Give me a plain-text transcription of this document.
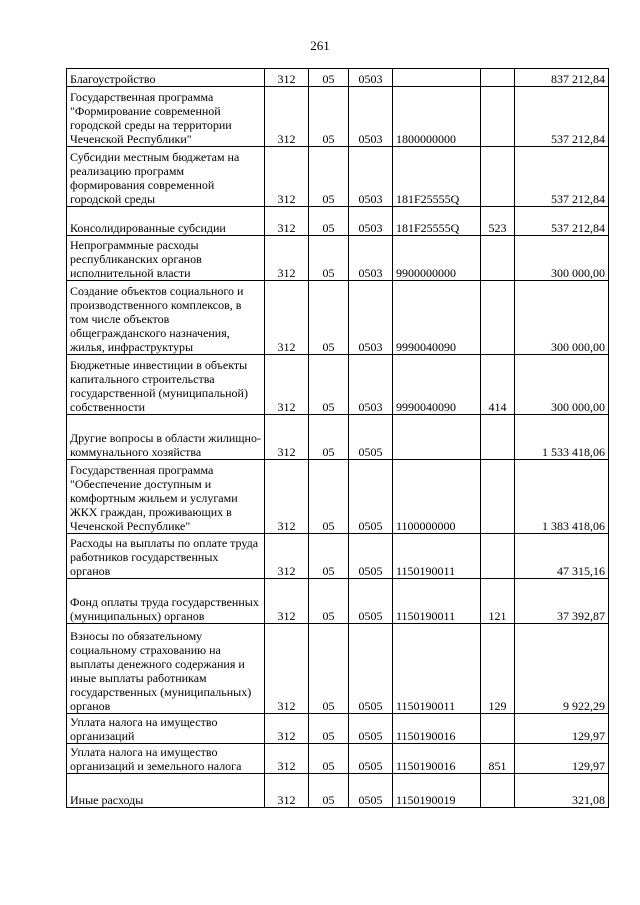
261
Благоустройство	312	05	0503			837 212,84
Государственная программа "Формирование современной городской среды на территории Чеченской Республики"	312	05	0503	1800000000		537 212,84
Субсидии местным бюджетам на реализацию программ формирования современной городской среды	312	05	0503	181F25555Q		537 212,84
Консолидированные субсидии	312	05	0503	181F25555Q	523	537 212,84
Непрограммные расходы республиканских органов исполнительной власти	312	05	0503	9900000000		300 000,00
Создание объектов социального и производственного комплексов, в том числе объектов общегражданского назначения, жилья, инфраструктуры	312	05	0503	9990040090		300 000,00
Бюджетные инвестиции в объекты капитального строительства государственной (муниципальной) собственности	312	05	0503	9990040090	414	300 000,00
Другие вопросы в области жилищно-коммунального хозяйства	312	05	0505			1 533 418,06
Государственная программа "Обеспечение доступным и комфортным жильем и услугами ЖКХ граждан, проживающих в Чеченской Республике"	312	05	0505	1100000000		1 383 418,06
Расходы на выплаты по оплате труда работников государственных органов	312	05	0505	1150190011		47 315,16
Фонд оплаты труда государственных (муниципальных) органов	312	05	0505	1150190011	121	37 392,87
Взносы по обязательному социальному страхованию на выплаты денежного содержания и иные выплаты работникам государственных (муниципальных) органов	312	05	0505	1150190011	129	9 922,29
Уплата налога на имущество организаций	312	05	0505	1150190016		129,97
Уплата налога на имущество организаций и земельного налога	312	05	0505	1150190016	851	129,97
Иные расходы	312	05	0505	1150190019		321,08
